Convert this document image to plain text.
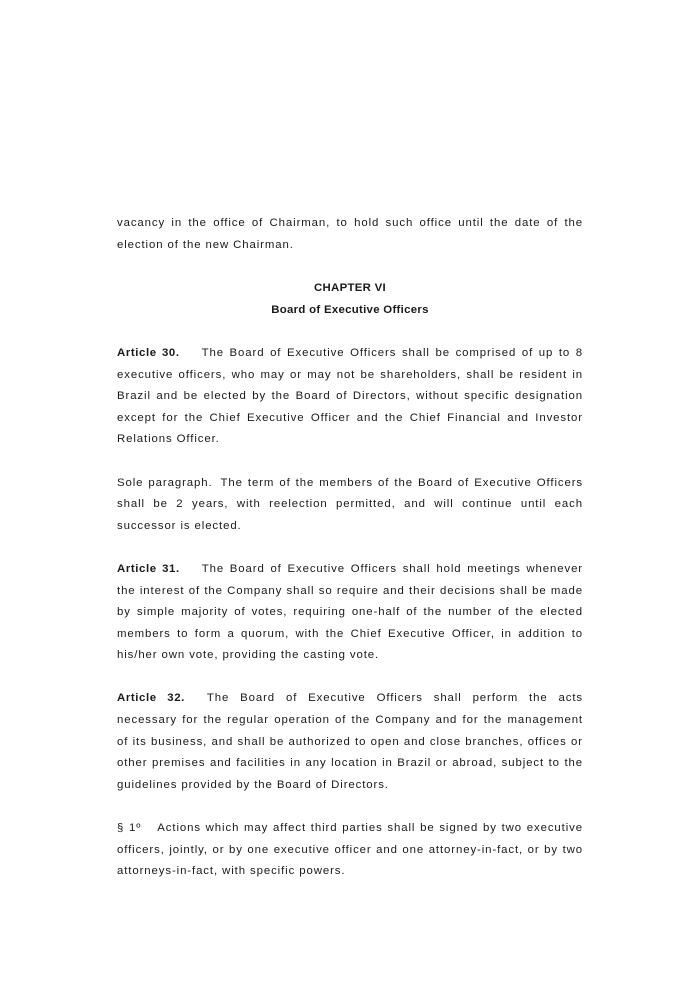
vacancy in the office of Chairman, to hold such office until the date of the election of the new Chairman.

CHAPTER VI

Board of Executive Officers

Article 30. The Board of Executive Officers shall be comprised of up to 8 executive officers, who may or may not be shareholders, shall be resident in Brazil and be elected by the Board of Directors, without specific designation except for the Chief Executive Officer and the Chief Financial and Investor Relations Officer.

Sole paragraph. The term of the members of the Board of Executive Officers shall be 2 years, with reelection permitted, and will continue until each successor is elected.

Article 31. The Board of Executive Officers shall hold meetings whenever the interest of the Company shall so require and their decisions shall be made by simple majority of votes, requiring one-half of the number of the elected members to form a quorum, with the Chief Executive Officer, in addition to his/her own vote, providing the casting vote.

Article 32. The Board of Executive Officers shall perform the acts necessary for the regular operation of the Company and for the management of its business, and shall be authorized to open and close branches, offices or other premises and facilities in any location in Brazil or abroad, subject to the guidelines provided by the Board of Directors.

§ 1º Actions which may affect third parties shall be signed by two executive officers, jointly, or by one executive officer and one attorney-in-fact, or by two attorneys-in-fact, with specific powers.
